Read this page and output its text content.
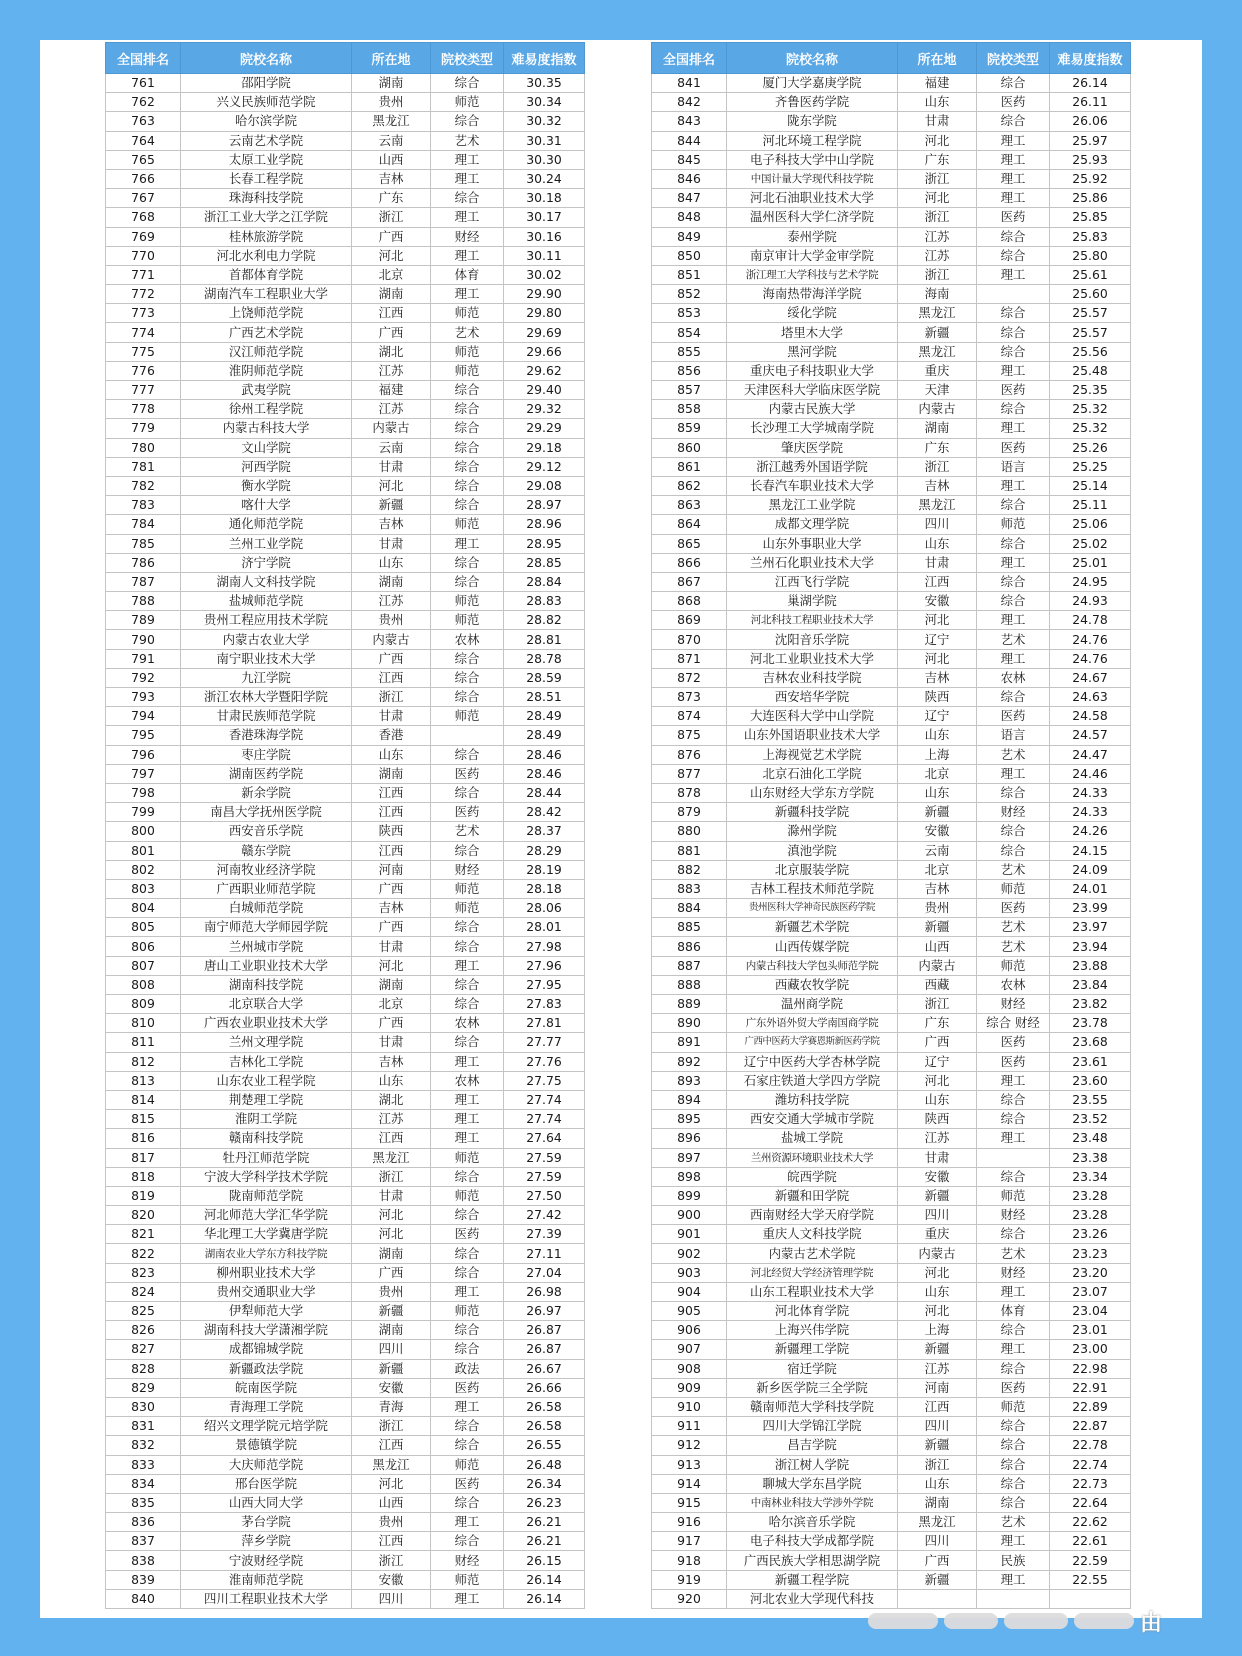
全国排名	院校名称	所在地	院校类型	难易度指数
761	邵阳学院	湖南	综合	30.35
762	兴义民族师范学院	贵州	师范	30.34
763	哈尔滨学院	黑龙江	综合	30.32
764	云南艺术学院	云南	艺术	30.31
765	太原工业学院	山西	理工	30.30
766	长春工程学院	吉林	理工	30.24
767	珠海科技学院	广东	综合	30.18
768	浙江工业大学之江学院	浙江	理工	30.17
769	桂林旅游学院	广西	财经	30.16
770	河北水利电力学院	河北	理工	30.11
771	首都体育学院	北京	体育	30.02
772	湖南汽车工程职业大学	湖南	理工	29.90
773	上饶师范学院	江西	师范	29.80
774	广西艺术学院	广西	艺术	29.69
775	汉江师范学院	湖北	师范	29.66
776	淮阴师范学院	江苏	师范	29.62
777	武夷学院	福建	综合	29.40
778	徐州工程学院	江苏	综合	29.32
779	内蒙古科技大学	内蒙古	综合	29.29
780	文山学院	云南	综合	29.18
781	河西学院	甘肃	综合	29.12
782	衡水学院	河北	综合	29.08
783	喀什大学	新疆	综合	28.97
784	通化师范学院	吉林	师范	28.96
785	兰州工业学院	甘肃	理工	28.95
786	济宁学院	山东	综合	28.85
787	湖南人文科技学院	湖南	综合	28.84
788	盐城师范学院	江苏	师范	28.83
789	贵州工程应用技术学院	贵州	师范	28.82
790	内蒙古农业大学	内蒙古	农林	28.81
791	南宁职业技术大学	广西	综合	28.78
792	九江学院	江西	综合	28.59
793	浙江农林大学暨阳学院	浙江	综合	28.51
794	甘肃民族师范学院	甘肃	师范	28.49
795	香港珠海学院	香港		28.49
796	枣庄学院	山东	综合	28.46
797	湖南医药学院	湖南	医药	28.46
798	新余学院	江西	综合	28.44
799	南昌大学抚州医学院	江西	医药	28.42
800	西安音乐学院	陕西	艺术	28.37
801	赣东学院	江西	综合	28.29
802	河南牧业经济学院	河南	财经	28.19
803	广西职业师范学院	广西	师范	28.18
804	白城师范学院	吉林	师范	28.06
805	南宁师范大学师园学院	广西	综合	28.01
806	兰州城市学院	甘肃	综合	27.98
807	唐山工业职业技术大学	河北	理工	27.96
808	湖南科技学院	湖南	综合	27.95
809	北京联合大学	北京	综合	27.83
810	广西农业职业技术大学	广西	农林	27.81
811	兰州文理学院	甘肃	综合	27.77
812	吉林化工学院	吉林	理工	27.76
813	山东农业工程学院	山东	农林	27.75
814	荆楚理工学院	湖北	理工	27.74
815	淮阴工学院	江苏	理工	27.74
816	赣南科技学院	江西	理工	27.64
817	牡丹江师范学院	黑龙江	师范	27.59
818	宁波大学科学技术学院	浙江	综合	27.59
819	陇南师范学院	甘肃	师范	27.50
820	河北师范大学汇华学院	河北	综合	27.42
821	华北理工大学冀唐学院	河北	医药	27.39
822	湖南农业大学东方科技学院	湖南	综合	27.11
823	柳州职业技术大学	广西	综合	27.04
824	贵州交通职业大学	贵州	理工	26.98
825	伊犁师范大学	新疆	师范	26.97
826	湖南科技大学潇湘学院	湖南	综合	26.87
827	成都锦城学院	四川	综合	26.87
828	新疆政法学院	新疆	政法	26.67
829	皖南医学院	安徽	医药	26.66
830	青海理工学院	青海	理工	26.58
831	绍兴文理学院元培学院	浙江	综合	26.58
832	景德镇学院	江西	综合	26.55
833	大庆师范学院	黑龙江	师范	26.48
834	邢台医学院	河北	医药	26.34
835	山西大同大学	山西	综合	26.23
836	茅台学院	贵州	理工	26.21
837	萍乡学院	江西	综合	26.21
838	宁波财经学院	浙江	财经	26.15
839	淮南师范学院	安徽	师范	26.14
840	四川工程职业技术大学	四川	理工	26.14
全国排名	院校名称	所在地	院校类型	难易度指数
841	厦门大学嘉庚学院	福建	综合	26.14
842	齐鲁医药学院	山东	医药	26.11
843	陇东学院	甘肃	综合	26.06
844	河北环境工程学院	河北	理工	25.97
845	电子科技大学中山学院	广东	理工	25.93
846	中国计量大学现代科技学院	浙江	理工	25.92
847	河北石油职业技术大学	河北	理工	25.86
848	温州医科大学仁济学院	浙江	医药	25.85
849	泰州学院	江苏	综合	25.83
850	南京审计大学金审学院	江苏	综合	25.80
851	浙江理工大学科技与艺术学院	浙江	理工	25.61
852	海南热带海洋学院	海南		25.60
853	绥化学院	黑龙江	综合	25.57
854	塔里木大学	新疆	综合	25.57
855	黑河学院	黑龙江	综合	25.56
856	重庆电子科技职业大学	重庆	理工	25.48
857	天津医科大学临床医学院	天津	医药	25.35
858	内蒙古民族大学	内蒙古	综合	25.32
859	长沙理工大学城南学院	湖南	理工	25.32
860	肇庆医学院	广东	医药	25.26
861	浙江越秀外国语学院	浙江	语言	25.25
862	长春汽车职业技术大学	吉林	理工	25.14
863	黑龙江工业学院	黑龙江	综合	25.11
864	成都文理学院	四川	师范	25.06
865	山东外事职业大学	山东	综合	25.02
866	兰州石化职业技术大学	甘肃	理工	25.01
867	江西飞行学院	江西	综合	24.95
868	巢湖学院	安徽	综合	24.93
869	河北科技工程职业技术大学	河北	理工	24.78
870	沈阳音乐学院	辽宁	艺术	24.76
871	河北工业职业技术大学	河北	理工	24.76
872	吉林农业科技学院	吉林	农林	24.67
873	西安培华学院	陕西	综合	24.63
874	大连医科大学中山学院	辽宁	医药	24.58
875	山东外国语职业技术大学	山东	语言	24.57
876	上海视觉艺术学院	上海	艺术	24.47
877	北京石油化工学院	北京	理工	24.46
878	山东财经大学东方学院	山东	综合	24.33
879	新疆科技学院	新疆	财经	24.33
880	滁州学院	安徽	综合	24.26
881	滇池学院	云南	综合	24.15
882	北京服装学院	北京	艺术	24.09
883	吉林工程技术师范学院	吉林	师范	24.01
884	贵州医科大学神奇民族医药学院	贵州	医药	23.99
885	新疆艺术学院	新疆	艺术	23.97
886	山西传媒学院	山西	艺术	23.94
887	内蒙古科技大学包头师范学院	内蒙古	师范	23.88
888	西藏农牧学院	西藏	农林	23.84
889	温州商学院	浙江	财经	23.82
890	广东外语外贸大学南国商学院	广东	综合 财经	23.78
891	广西中医药大学赛恩斯新医药学院	广西	医药	23.68
892	辽宁中医药大学杏林学院	辽宁	医药	23.61
893	石家庄铁道大学四方学院	河北	理工	23.60
894	潍坊科技学院	山东	综合	23.55
895	西安交通大学城市学院	陕西	综合	23.52
896	盐城工学院	江苏	理工	23.48
897	兰州资源环境职业技术大学	甘肃		23.38
898	皖西学院	安徽	综合	23.34
899	新疆和田学院	新疆	师范	23.28
900	西南财经大学天府学院	四川	财经	23.28
901	重庆人文科技学院	重庆	综合	23.26
902	内蒙古艺术学院	内蒙古	艺术	23.23
903	河北经贸大学经济管理学院	河北	财经	23.20
904	山东工程职业技术大学	山东	理工	23.07
905	河北体育学院	河北	体育	23.04
906	上海兴伟学院	上海	综合	23.01
907	新疆理工学院	新疆	理工	23.00
908	宿迁学院	江苏	综合	22.98
909	新乡医学院三全学院	河南	医药	22.91
910	赣南师范大学科技学院	江西	师范	22.89
911	四川大学锦江学院	四川	综合	22.87
912	昌吉学院	新疆	综合	22.78
913	浙江树人学院	浙江	综合	22.74
914	聊城大学东昌学院	山东	综合	22.73
915	中南林业科技大学涉外学院	湖南	综合	22.64
916	哈尔滨音乐学院	黑龙江	艺术	22.62
917	电子科技大学成都学院	四川	理工	22.61
918	广西民族大学相思湖学院	广西	民族	22.59
919	新疆工程学院	新疆	理工	22.55
920	河北农业大学现代科技			
由
